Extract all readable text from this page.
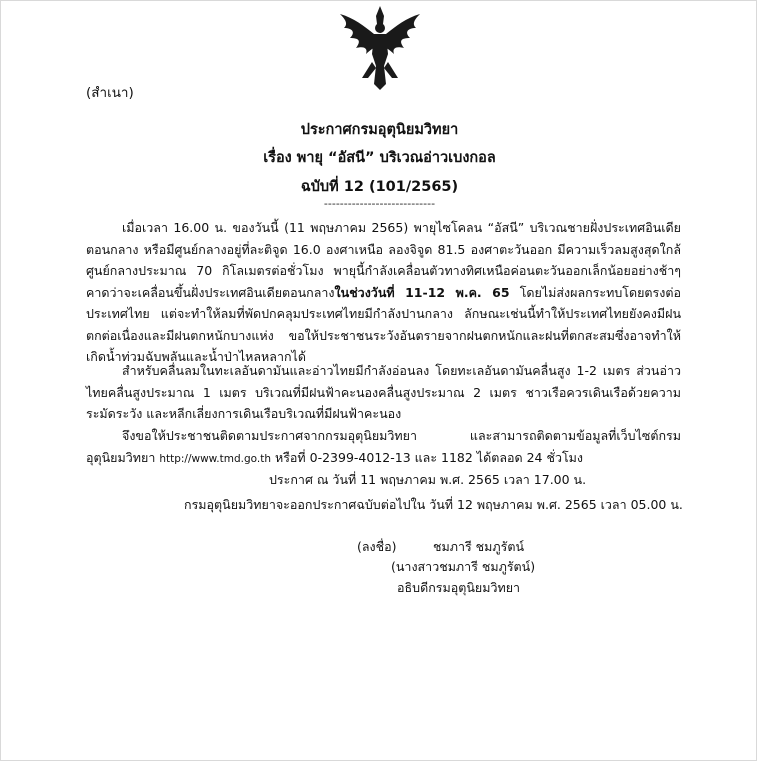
(สำเนา)
ประกาศกรมอุตุนิยมวิทยา
เรื่อง พายุ “อัสนี” บริเวณอ่าวเบงกอล
ฉบับที่ 12 (101/2565)
----------------------------
เมื่อเวลา 16.00 น. ของวันนี้ (11 พฤษภาคม 2565) พายุไซโคลน “อัสนี” บริเวณชายฝั่งประเทศอินเดียตอนกลาง หรือมีศูนย์กลางอยู่ที่ละติจูด 16.0 องศาเหนือ ลองจิจูด 81.5 องศาตะวันออก มีความเร็วลมสูงสุดใกล้ศูนย์กลางประมาณ 70 กิโลเมตรต่อชั่วโมง พายุนี้กำลังเคลื่อนตัวทางทิศเหนือค่อนตะวันออกเล็กน้อยอย่างช้าๆ คาดว่าจะเคลื่อนขึ้นฝั่งประเทศอินเดียตอนกลางในช่วงวันที่ 11-12 พ.ค. 65 โดยไม่ส่งผลกระทบโดยตรงต่อประเทศไทย แต่จะทำให้ลมที่พัดปกคลุมประเทศไทยมีกำลังปานกลาง ลักษณะเช่นนี้ทำให้ประเทศไทยยังคงมีฝนตกต่อเนื่องและมีฝนตกหนักบางแห่ง ขอให้ประชาชนระวังอันตรายจากฝนตกหนักและฝนที่ตกสะสมซึ่งอาจทำให้เกิดน้ำท่วมฉับพลันและน้ำป่าไหลหลากได้
สำหรับคลื่นลมในทะเลอันดามันและอ่าวไทยมีกำลังอ่อนลง โดยทะเลอันดามันคลื่นสูง 1-2 เมตร ส่วนอ่าวไทยคลื่นสูงประมาณ 1 เมตร บริเวณที่มีฝนฟ้าคะนองคลื่นสูงประมาณ 2 เมตร ชาวเรือควรเดินเรือด้วยความระมัดระวัง และหลีกเลี่ยงการเดินเรือบริเวณที่มีฝนฟ้าคะนอง
จึงขอให้ประชาชนติดตามประกาศจากกรมอุตุนิยมวิทยา และสามารถติดตามข้อมูลที่เว็บไซต์กรมอุตุนิยมวิทยา http://www.tmd.go.th หรือที่ 0-2399-4012-13 และ 1182 ได้ตลอด 24 ชั่วโมง
ประกาศ ณ วันที่ 11 พฤษภาคม พ.ศ. 2565 เวลา 17.00 น.
กรมอุตุนิยมวิทยาจะออกประกาศฉบับต่อไปใน วันที่ 12 พฤษภาคม พ.ศ. 2565 เวลา 05.00 น.
(ลงชื่อ)	ชมภารี ชมภูรัตน์
(นางสาวชมภารี ชมภูรัตน์)
อธิบดีกรมอุตุนิยมวิทยา
